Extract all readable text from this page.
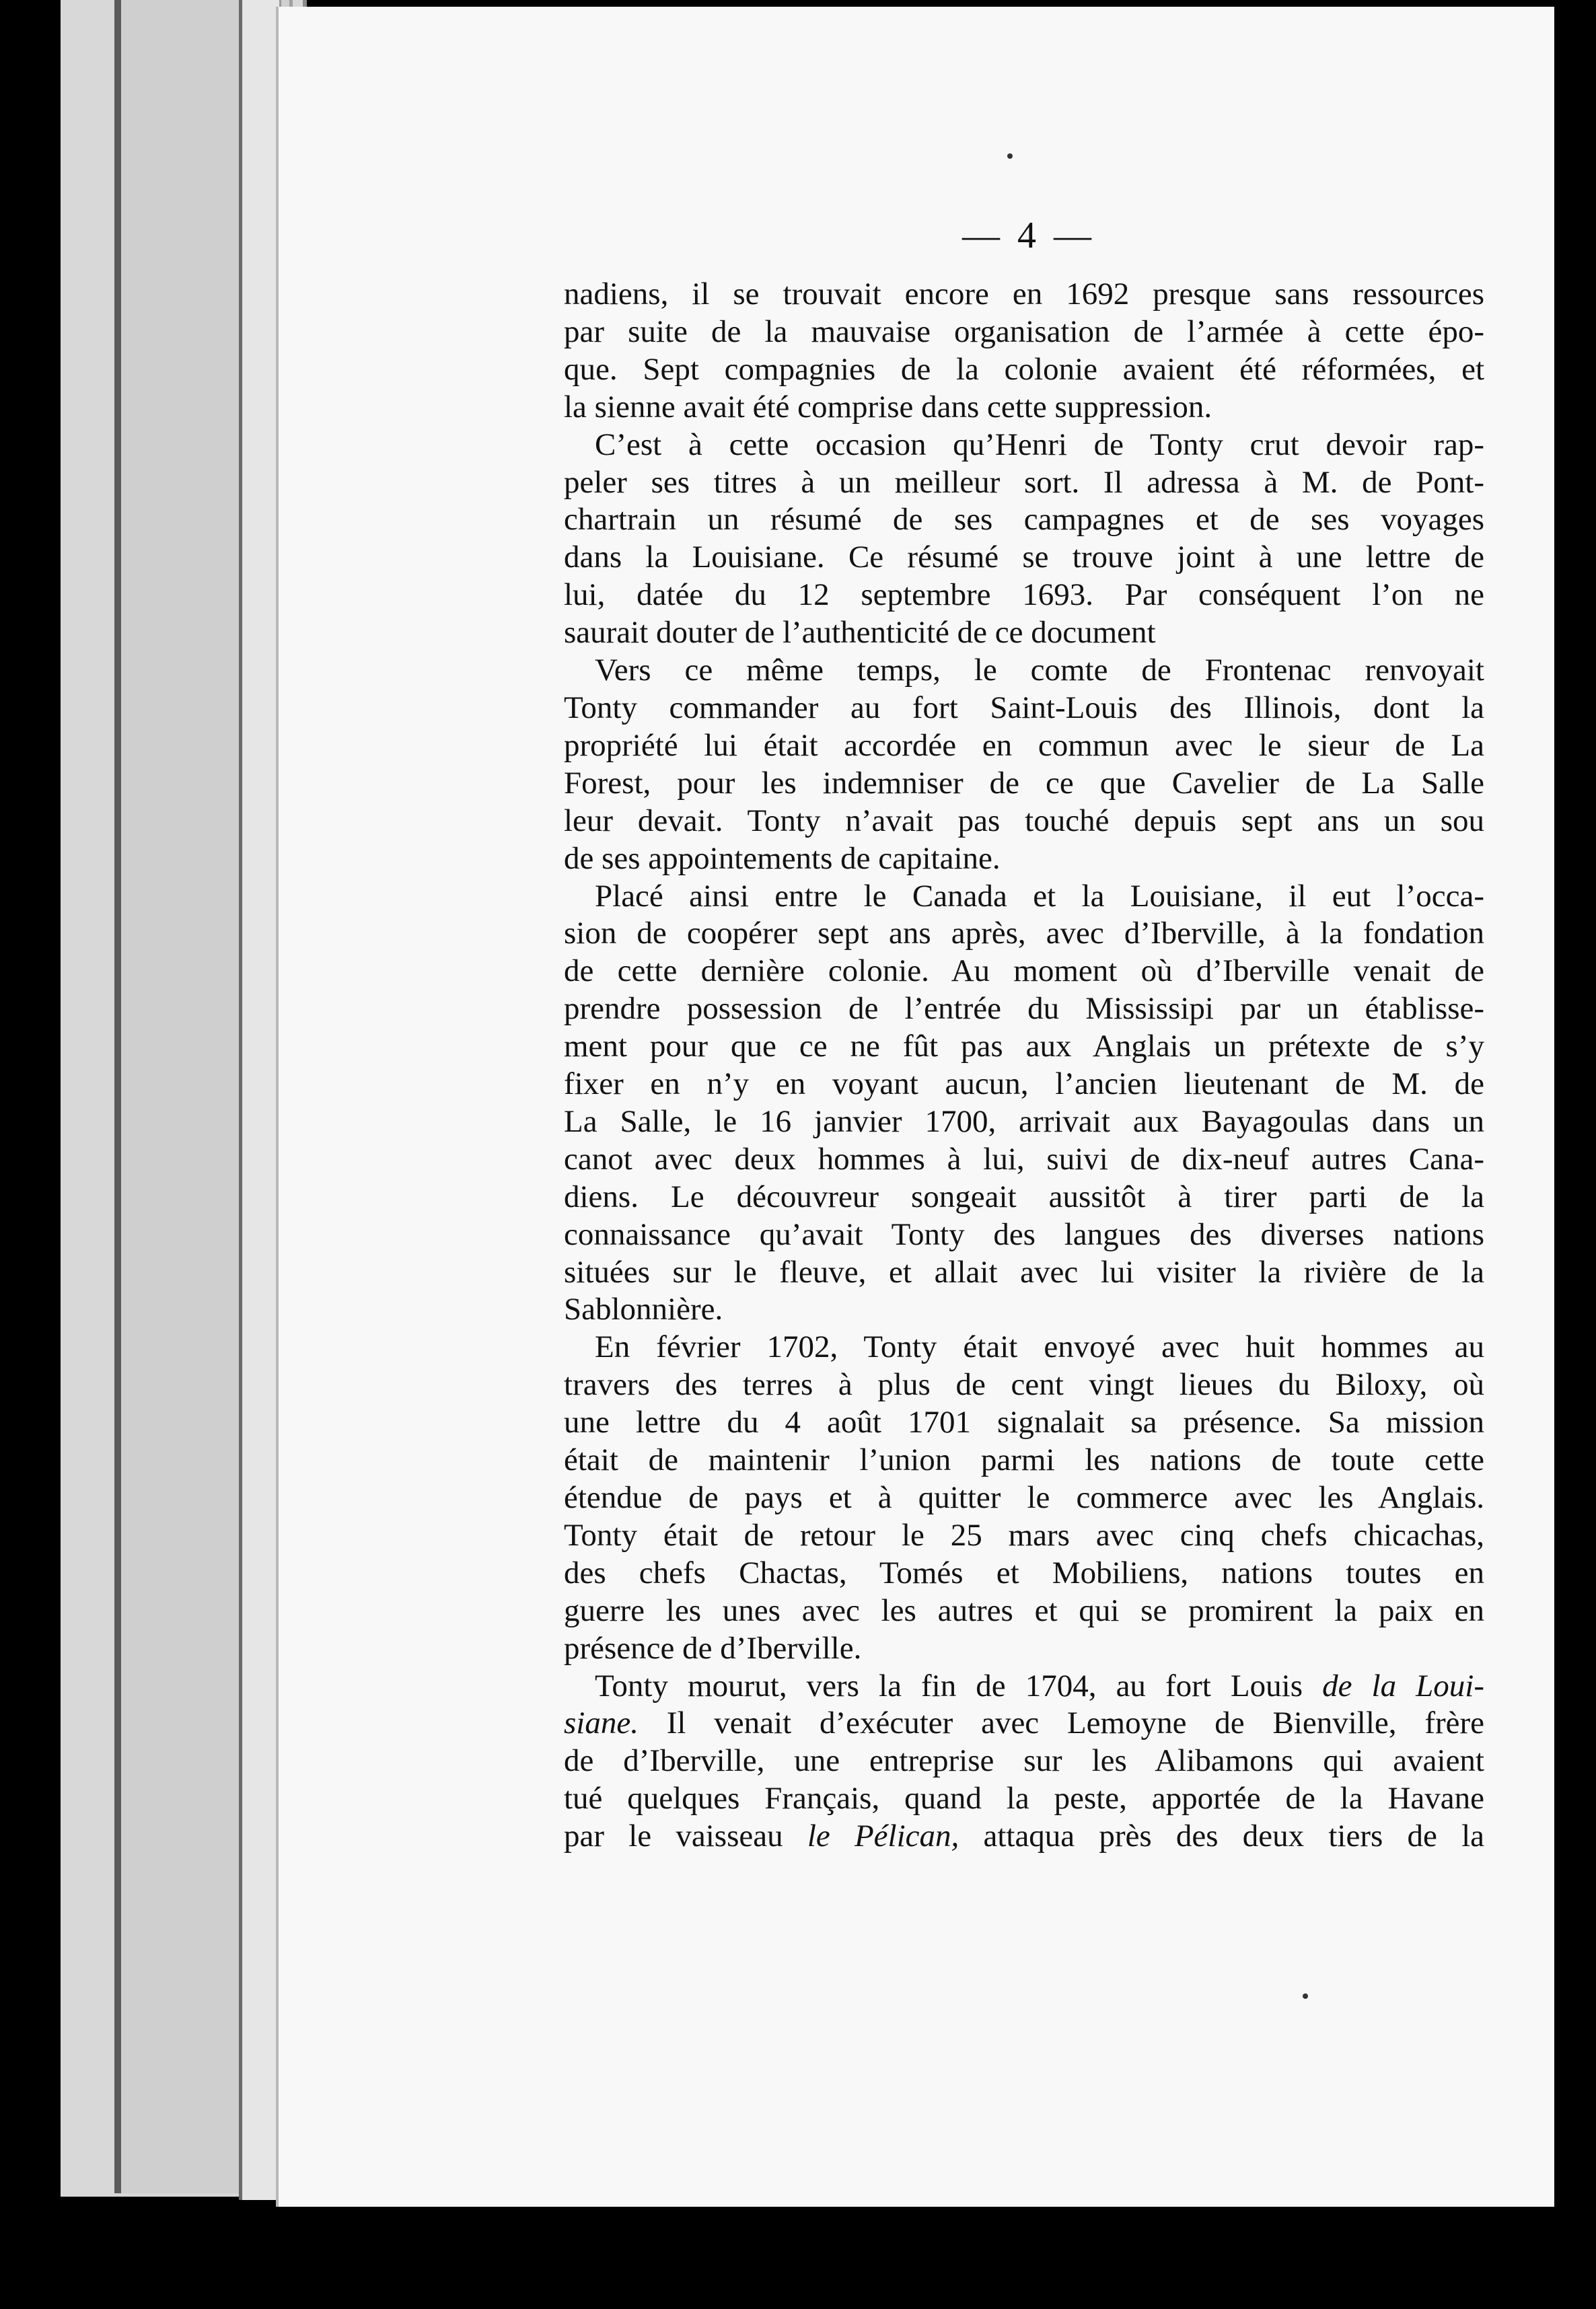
— 4 —
nadiens, il se trouvait encore en 1692 presque sans ressources
par suite de la mauvaise organisation de l’armée à cette épo-
que. Sept compagnies de la colonie avaient été réformées, et
la sienne avait été comprise dans cette suppression.
C’est à cette occasion qu’Henri de Tonty crut devoir rap-
peler ses titres à un meilleur sort. Il adressa à M. de Pont-
chartrain un résumé de ses campagnes et de ses voyages
dans la Louisiane. Ce résumé se trouve joint à une lettre de
lui, datée du 12 septembre 1693. Par conséquent l’on ne
saurait douter de l’authenticité de ce document
Vers ce même temps, le comte de Frontenac renvoyait
Tonty commander au fort Saint-Louis des Illinois, dont la
propriété lui était accordée en commun avec le sieur de La
Forest, pour les indemniser de ce que Cavelier de La Salle
leur devait. Tonty n’avait pas touché depuis sept ans un sou
de ses appointements de capitaine.
Placé ainsi entre le Canada et la Louisiane, il eut l’occa-
sion de coopérer sept ans après, avec d’Iberville, à la fondation
de cette dernière colonie. Au moment où d’Iberville venait de
prendre possession de l’entrée du Mississipi par un établisse-
ment pour que ce ne fût pas aux Anglais un prétexte de s’y
fixer en n’y en voyant aucun, l’ancien lieutenant de M. de
La Salle, le 16 janvier 1700, arrivait aux Bayagoulas dans un
canot avec deux hommes à lui, suivi de dix-neuf autres Cana-
diens. Le découvreur songeait aussitôt à tirer parti de la
connaissance qu’avait Tonty des langues des diverses nations
situées sur le fleuve, et allait avec lui visiter la rivière de la
Sablonnière.
En février 1702, Tonty était envoyé avec huit hommes au
travers des terres à plus de cent vingt lieues du Biloxy, où
une lettre du 4 août 1701 signalait sa présence. Sa mission
était de maintenir l’union parmi les nations de toute cette
étendue de pays et à quitter le commerce avec les Anglais.
Tonty était de retour le 25 mars avec cinq chefs chicachas,
des chefs Chactas, Tomés et Mobiliens, nations toutes en
guerre les unes avec les autres et qui se promirent la paix en
présence de d’Iberville.
Tonty mourut, vers la fin de 1704, au fort Louis de la Loui-
siane. Il venait d’exécuter avec Lemoyne de Bienville, frère
de d’Iberville, une entreprise sur les Alibamons qui avaient
tué quelques Français, quand la peste, apportée de la Havane
par le vaisseau le Pélican, attaqua près des deux tiers de la
